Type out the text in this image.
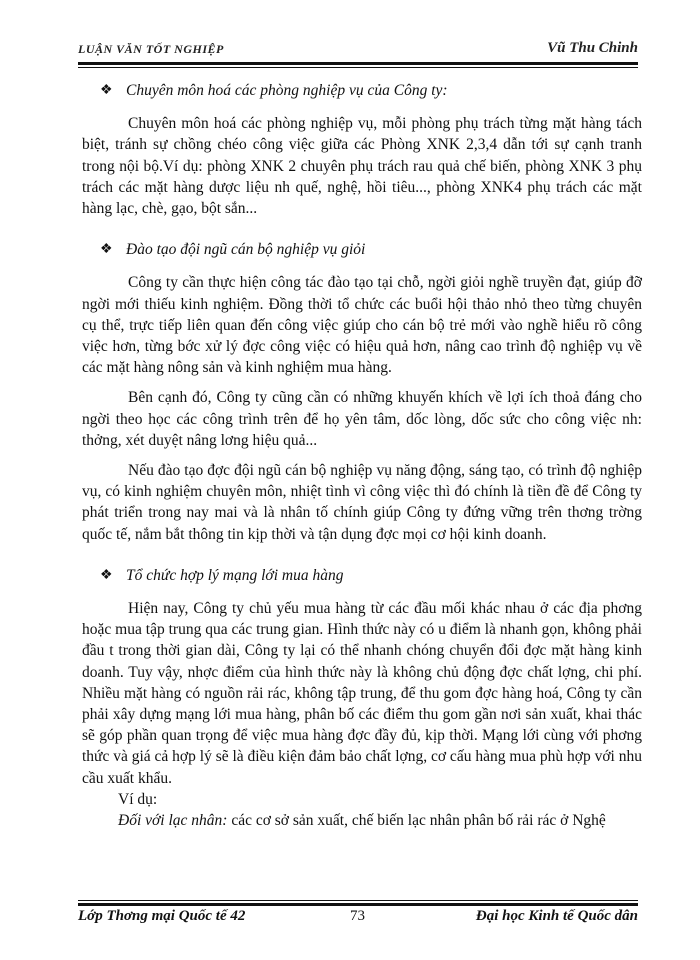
LUẬN VĂN TỐT NGHIỆP	Vũ Thu Chinh

❖ Chuyên môn hoá các phòng nghiệp vụ của Công ty:

Chuyên môn hoá các phòng nghiệp vụ, mỗi phòng phụ trách từng mặt hàng tách biệt, tránh sự chồng chéo công việc giữa các Phòng XNK 2,3,4 dẫn tới sự cạnh tranh trong nội bộ.Ví dụ: phòng XNK 2 chuyên phụ trách rau quả chế biến, phòng XNK 3 phụ trách các mặt hàng dược liệu nh quế, nghệ, hồi tiêu..., phòng XNK4 phụ trách các mặt hàng lạc, chè, gạo, bột sắn...

❖ Đào tạo đội ngũ cán bộ nghiệp vụ giỏi

Công ty cần thực hiện công tác đào tạo tại chỗ, ngời giỏi nghề truyền đạt, giúp đỡ ngời mới thiếu kinh nghiệm. Đồng thời tổ chức các buổi hội thảo nhỏ theo từng chuyên cụ thể, trực tiếp liên quan đến công việc giúp cho cán bộ trẻ mới vào nghề hiểu rõ công việc hơn, từng bớc xử lý đợc công việc có hiệu quả hơn, nâng cao trình độ nghiệp vụ về các mặt hàng nông sản và kinh nghiệm mua hàng.

Bên cạnh đó, Công ty cũng cần có những khuyến khích về lợi ích thoả đáng cho ngời theo học các công trình trên để họ yên tâm, dốc lòng, dốc sức cho công việc nh: thởng, xét duyệt nâng lơng hiệu quả...

Nếu đào tạo đợc đội ngũ cán bộ nghiệp vụ năng động, sáng tạo, có trình độ nghiệp vụ, có kinh nghiệm chuyên môn, nhiệt tình vì công việc thì đó chính là tiền đề để Công ty phát triển trong nay mai và là nhân tố chính giúp Công ty đứng vững trên thơng trờng quốc tế, nắm bắt thông tin kịp thời và tận dụng đợc mọi cơ hội kinh doanh.

❖ Tổ chức hợp lý mạng lới mua hàng

Hiện nay, Công ty chủ yếu mua hàng từ các đầu mối khác nhau ở các địa phơng hoặc mua tập trung qua các trung gian. Hình thức này có u điểm là nhanh gọn, không phải đầu t trong thời gian dài, Công ty lại có thể nhanh chóng chuyển đổi đợc mặt hàng kinh doanh. Tuy vậy, nhợc điểm của hình thức này là không chủ động đợc chất lợng, chi phí. Nhiều mặt hàng có nguồn rải rác, không tập trung, để thu gom đợc hàng hoá, Công ty cần phải xây dựng mạng lới mua hàng, phân bố các điểm thu gom gần nơi sản xuất, khai thác sẽ góp phần quan trọng để việc mua hàng đợc đầy đủ, kịp thời. Mạng lới cùng với phơng thức và giá cả hợp lý sẽ là điều kiện đảm bảo chất lợng, cơ cấu hàng mua phù hợp với nhu cầu xuất khẩu.

Ví dụ:

Đối với lạc nhân: các cơ sở sản xuất, chế biến lạc nhân phân bố rải rác ở Nghệ

Lớp Thơng mại Quốc tế 42	73	Đại học Kinh tế Quốc dân
